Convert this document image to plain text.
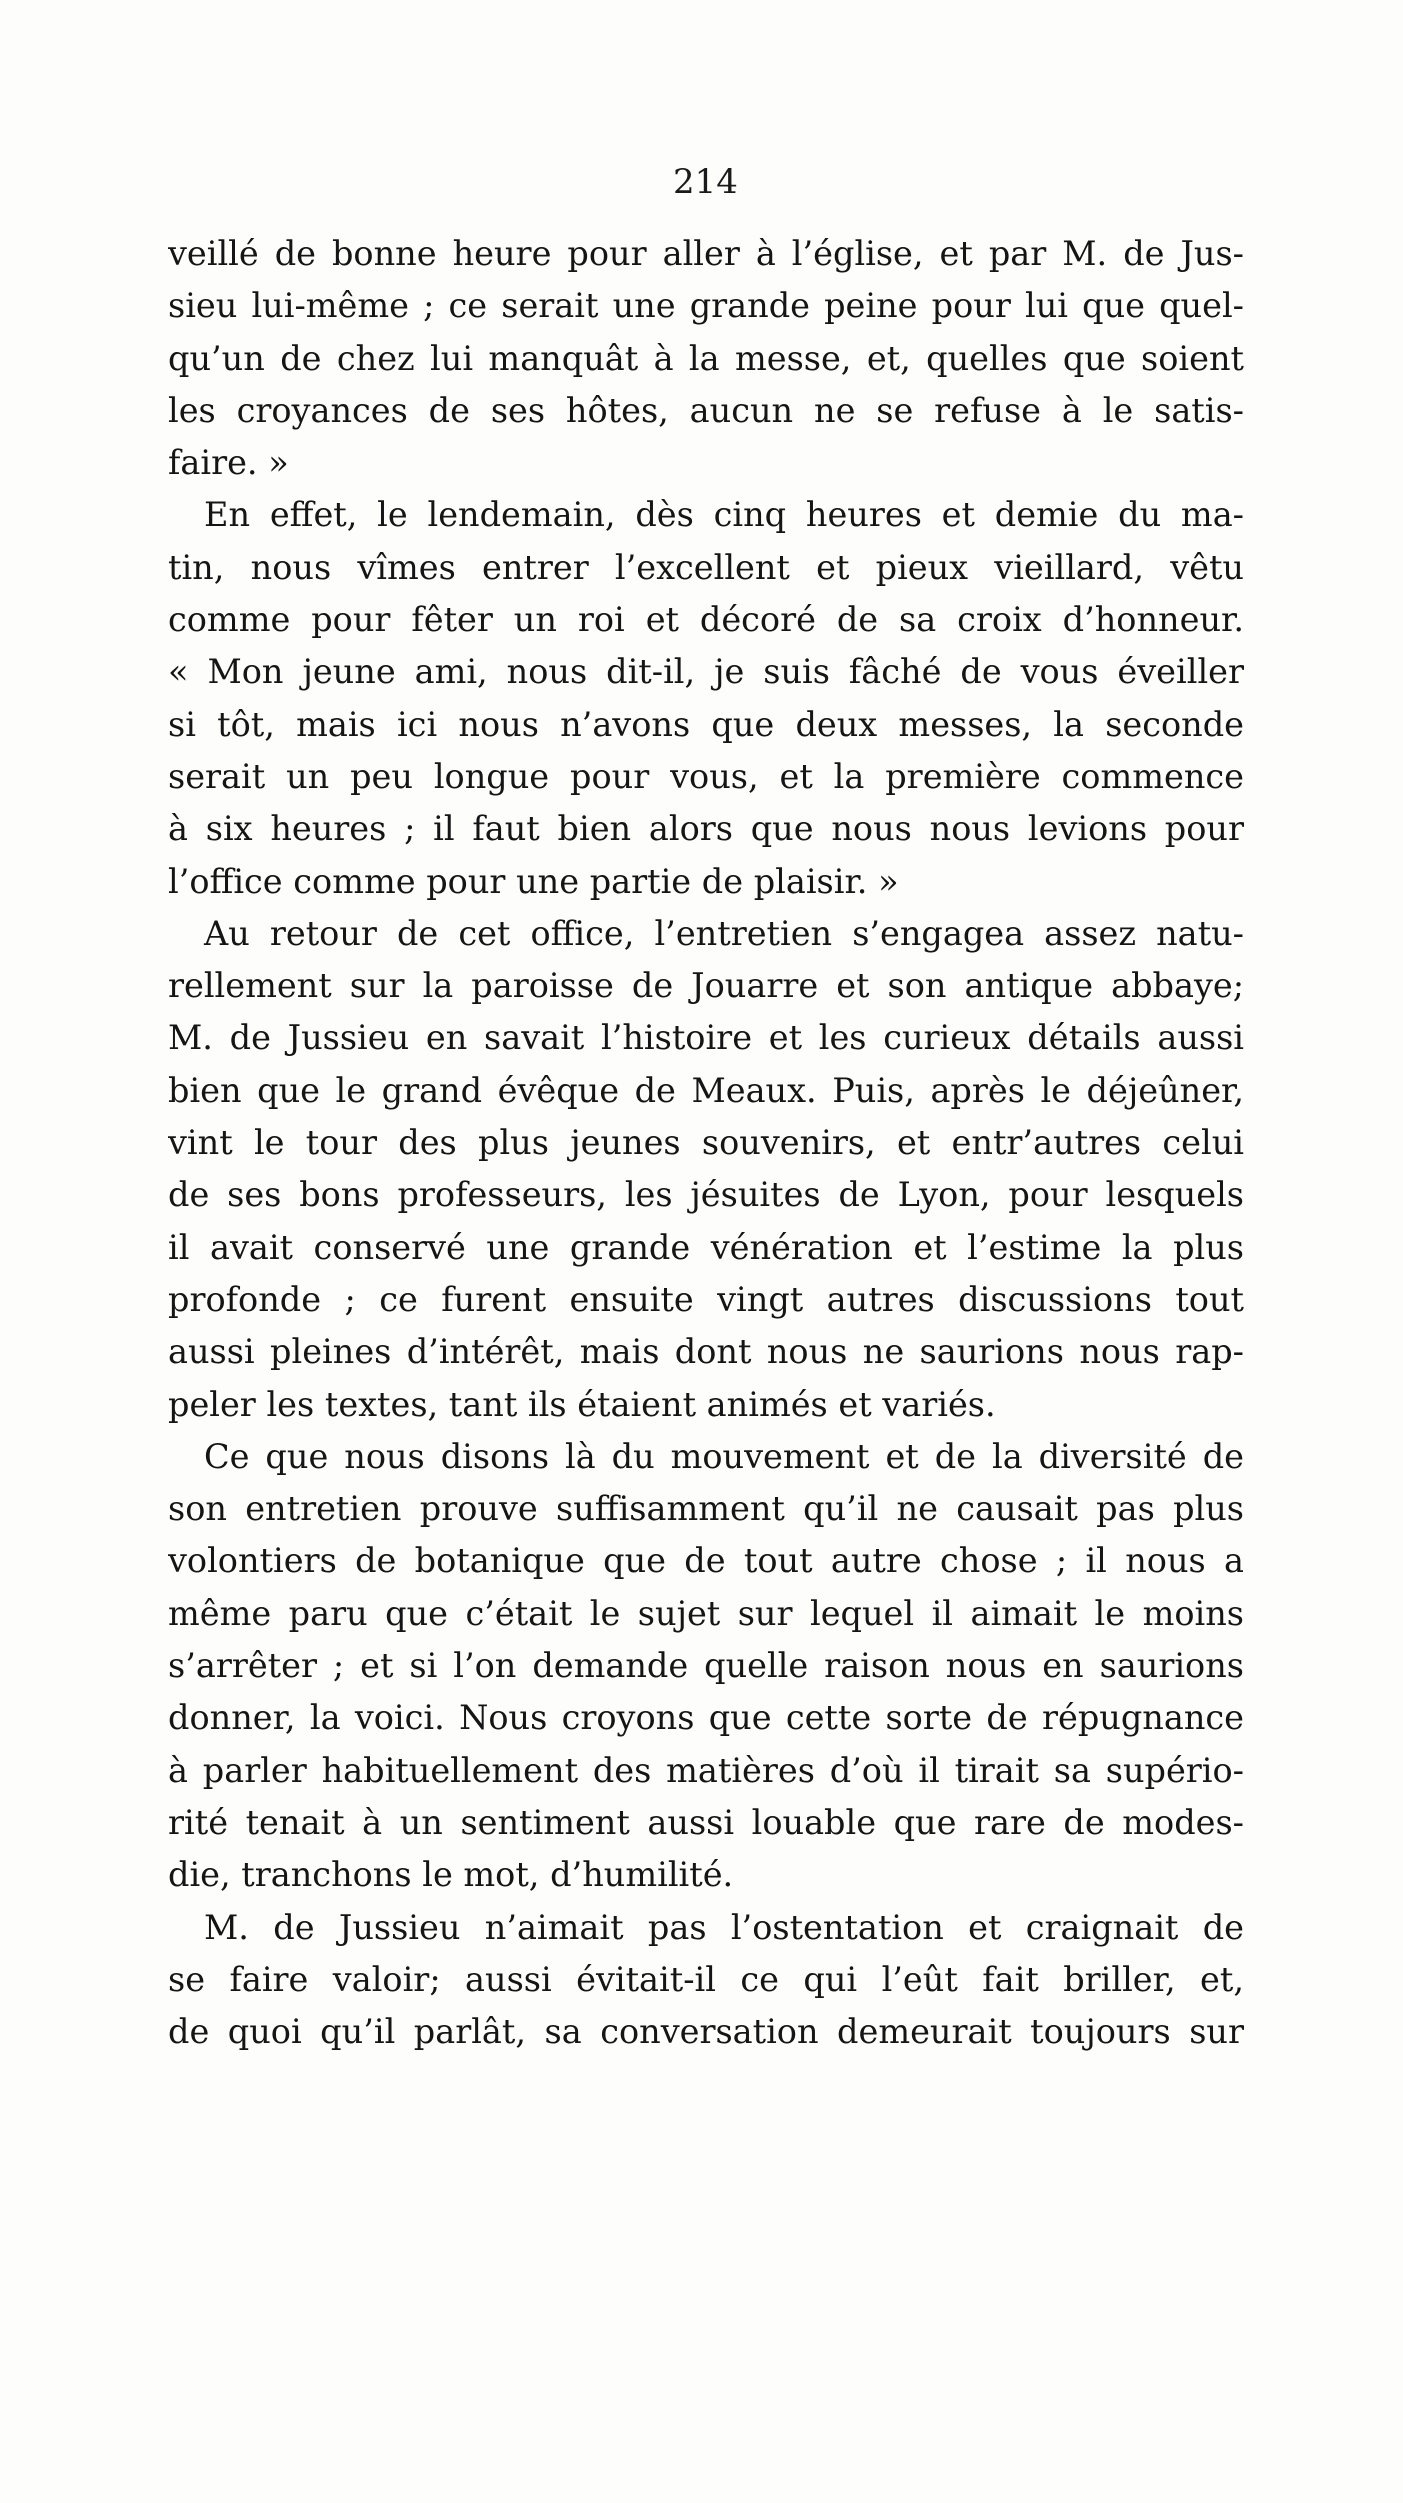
214
veillé de bonne heure pour aller à l’église, et par M. de Jus-
sieu lui-même ; ce serait une grande peine pour lui que quel-
qu’un de chez lui manquât à la messe, et, quelles que soient
les croyances de ses hôtes, aucun ne se refuse à le satis-
faire. »
En effet, le lendemain, dès cinq heures et demie du ma-
tin, nous vîmes entrer l’excellent et pieux vieillard, vêtu
comme pour fêter un roi et décoré de sa croix d’honneur.
« Mon jeune ami, nous dit-il, je suis fâché de vous éveiller
si tôt, mais ici nous n’avons que deux messes, la seconde
serait un peu longue pour vous, et la première commence
à six heures ; il faut bien alors que nous nous levions pour
l’office comme pour une partie de plaisir. »
Au retour de cet office, l’entretien s’engagea assez natu-
rellement sur la paroisse de Jouarre et son antique abbaye;
M. de Jussieu en savait l’histoire et les curieux détails aussi
bien que le grand évêque de Meaux. Puis, après le déjeûner,
vint le tour des plus jeunes souvenirs, et entr’autres celui
de ses bons professeurs, les jésuites de Lyon, pour lesquels
il avait conservé une grande vénération et l’estime la plus
profonde ; ce furent ensuite vingt autres discussions tout
aussi pleines d’intérêt, mais dont nous ne saurions nous rap-
peler les textes, tant ils étaient animés et variés.
Ce que nous disons là du mouvement et de la diversité de
son entretien prouve suffisamment qu’il ne causait pas plus
volontiers de botanique que de tout autre chose ; il nous a
même paru que c’était le sujet sur lequel il aimait le moins
s’arrêter ; et si l’on demande quelle raison nous en saurions
donner, la voici. Nous croyons que cette sorte de répugnance
à parler habituellement des matières d’où il tirait sa supério-
rité tenait à un sentiment aussi louable que rare de modes-
die, tranchons le mot, d’humilité.
M. de Jussieu n’aimait pas l’ostentation et craignait de
se faire valoir; aussi évitait-il ce qui l’eût fait briller, et,
de quoi qu’il parlât, sa conversation demeurait toujours sur
